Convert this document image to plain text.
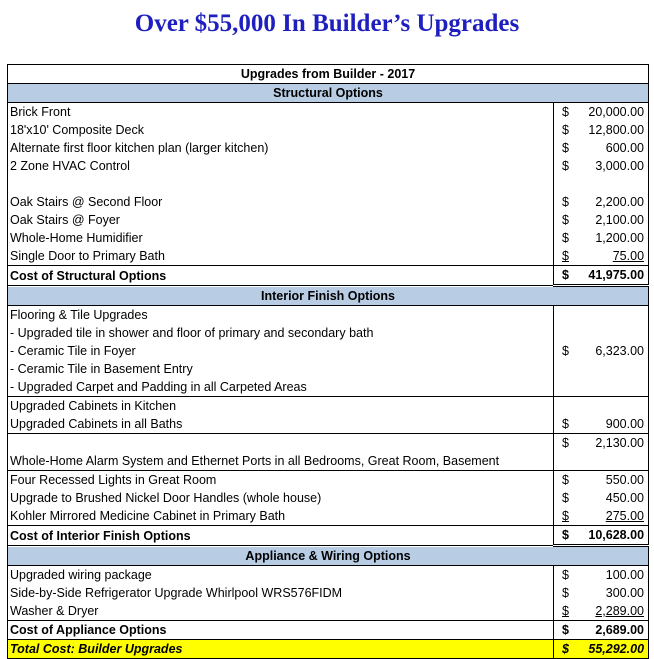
Over $55,000 In Builder’s Upgrades
Upgrades from Builder - 2017	
Structural Options	
Brick Front	$ 20,000.00
18'x10' Composite Deck	$ 12,800.00
Alternate first floor kitchen plan (larger kitchen)	$ 600.00
2 Zone HVAC Control	$ 3,000.00

Oak Stairs @ Second Floor	$ 2,200.00
Oak Stairs @ Foyer	$ 2,100.00
Whole-Home Humidifier	$ 1,200.00
Single Door to Primary Bath	$ 75.00
Cost of Structural Options	$ 41,975.00
Interior Finish Options	
Flooring & Tile Upgrades	
- Upgraded tile in shower and floor of primary and secondary bath	
- Ceramic Tile in Foyer	$ 6,323.00
- Ceramic Tile in Basement Entry	
- Upgraded Carpet and Padding in all Carpeted Areas	
Upgraded Cabinets in Kitchen	
Upgraded Cabinets in all Baths	$ 900.00

	$ 2,130.00
Whole-Home Alarm System and Ethernet Ports in all Bedrooms, Great Room, Basement	
Four Recessed Lights in Great Room	$ 550.00
Upgrade to Brushed Nickel Door Handles (whole house)	$ 450.00
Kohler Mirrored Medicine Cabinet in Primary Bath	$ 275.00
Cost of Interior Finish Options	$ 10,628.00
Appliance & Wiring Options	
Upgraded wiring package	$ 100.00
Side-by-Side Refrigerator Upgrade Whirlpool WRS576FIDM	$ 300.00
Washer & Dryer	$ 2,289.00
Cost of Appliance Options	$ 2,689.00
Total Cost: Builder Upgrades	$ 55,292.00
